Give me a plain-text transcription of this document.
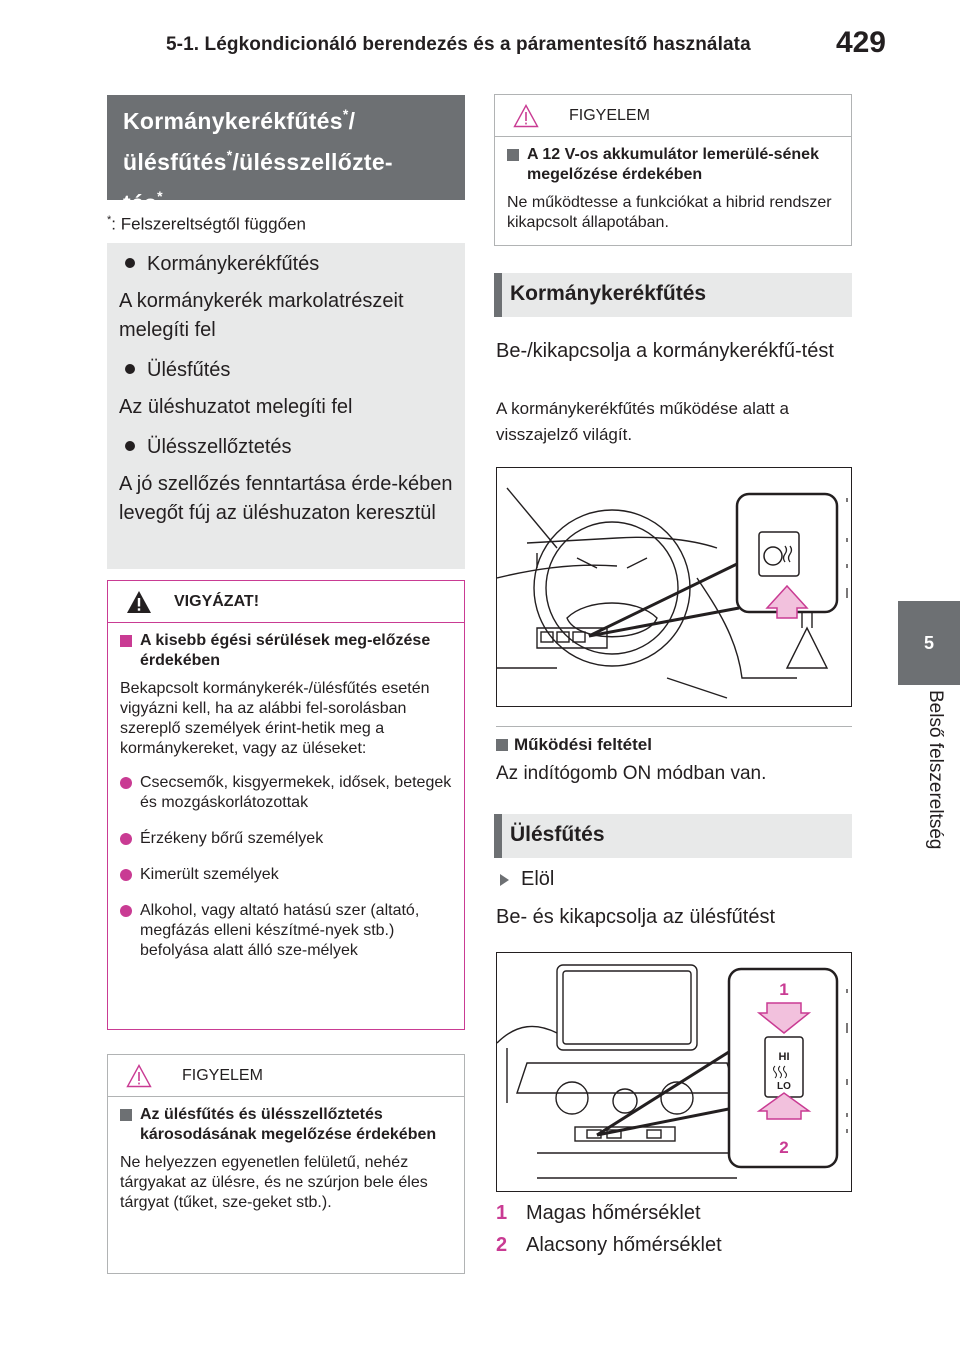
5-1. Légkondicionáló berendezés és a páramentesítő használata	429
5
Belső felszereltség
Kormánykerékfűtés*/
ülésfűtés*/ülésszellőzte-
tés*
*: Felszereltségtől függően
Kormánykerékfűtés
A kormánykerék markolatrészeit melegíti fel
Ülésfűtés
Az üléshuzatot melegíti fel
Ülésszellőztetés
A jó szellőzés fenntartása érde-kében levegőt fúj az üléshuzaton keresztül
VIGYÁZAT!
A kisebb égési sérülések meg-előzése érdekében
Bekapcsolt kormánykerék-/ülésfűtés esetén vigyázni kell, ha az alábbi fel-sorolásban szereplő személyek érint-hetik meg a kormánykereket, vagy az üléseket:
Csecsemők, kisgyermekek, idősek, betegek és mozgáskorlátozottak
Érzékeny bőrű személyek
Kimerült személyek
Alkohol, vagy altató hatású szer (altató, megfázás elleni készítmé-nyek stb.) befolyása alatt álló sze-mélyek
FIGYELEM
Az ülésfűtés és ülésszellőztetés károsodásának megelőzése érdekében
Ne helyezzen egyenetlen felületű, nehéz tárgyakat az ülésre, és ne szúrjon bele éles tárgyat (tűket, sze-geket stb.).
FIGYELEM
A 12 V-os akkumulátor lemerülé-sének megelőzése érdekében
Ne működtesse a funkciókat a hibrid rendszer kikapcsolt állapotában.
Kormánykerékfűtés
Be-/kikapcsolja a kormánykerékfű-tést
A kormánykerékfűtés működése alatt a visszajelző világít.
Működési feltétel
Az indítógomb ON módban van.
Ülésfűtés
Elöl
Be- és kikapcsolja az ülésfűtést
HI
LO
1
2
1 Magas hőmérséklet
2 Alacsony hőmérséklet
